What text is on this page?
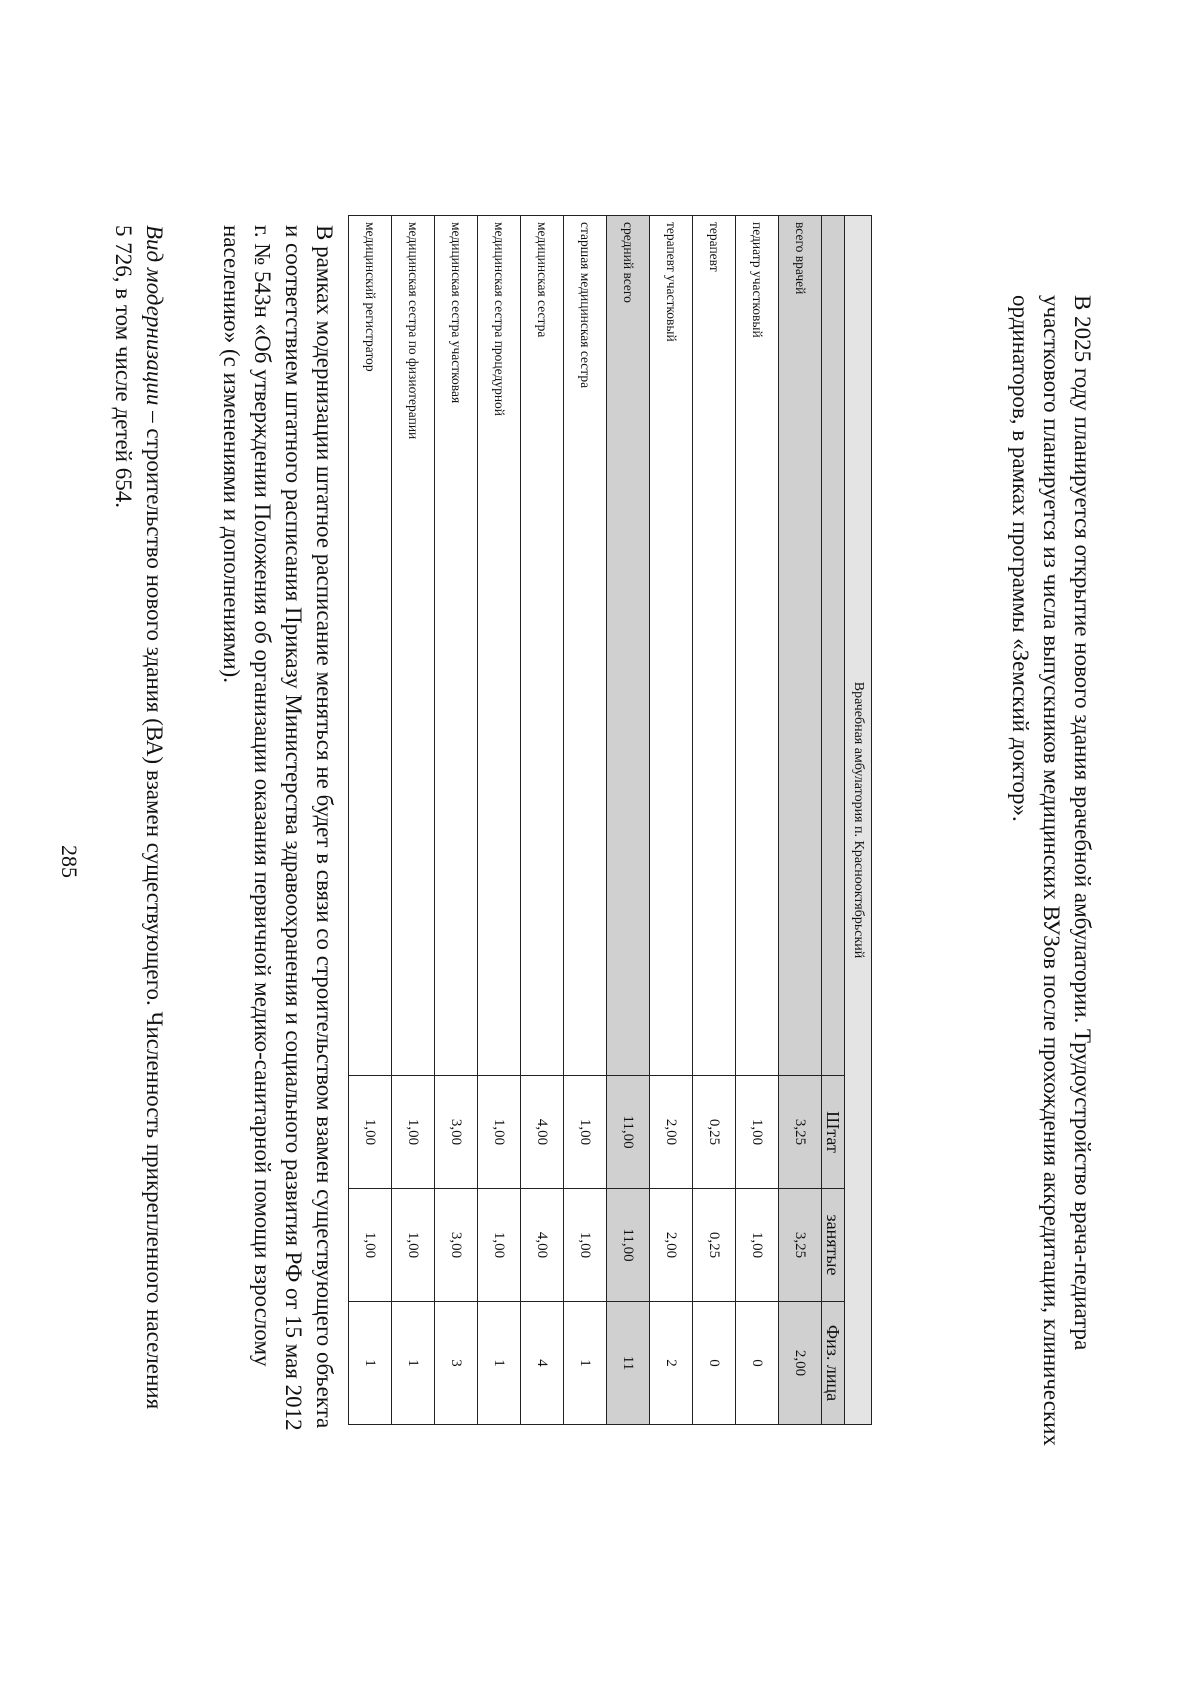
285
Вид модернизации – строительство нового здания (ВА) взамен существующего. Численность прикрепленного населения
5 726, в том числе детей 654.	В рамках модернизации штатное расписание меняться не будет в связи со строительством взамен существующего объекта
и соответствием штатного расписания Приказу Министерства здравоохранения и социального развития РФ от 15 мая 2012
г. № 543н «Об утверждении Положения об организации оказания первичной медико-санитарной помощи взрослому
населению» (с изменениями и дополнениями).
Врачебная амбулатория п. Краснооктябрьский			
	Штат	занятые	Физ. лица
всего врачей	3,25	3,25	2,00
педиатр участковый	1,00	1,00	0
терапевт	0,25	0,25	0
терапевт участковый	2,00	2,00	2
средний всего	11,00	11,00	11
старшая медицинская сестра	1,00	1,00	1
медицинская сестра	4,00	4,00	4
медицинская сестра процедурной	1,00	1,00	1
медицинская сестра участковая	3,00	3,00	3
медицинская сестра по физиотерапии	1,00	1,00	1
медицинский регистратор	1,00	1,00	1
В 2025 году планируется открытие нового здания врачебной амбулатории. Трудоустройство врача-педиатра
участкового планируется из числа выпускников медицинских ВУЗов после прохождения аккредитации, клинических
ординаторов, в рамках программы «Земский доктор».
